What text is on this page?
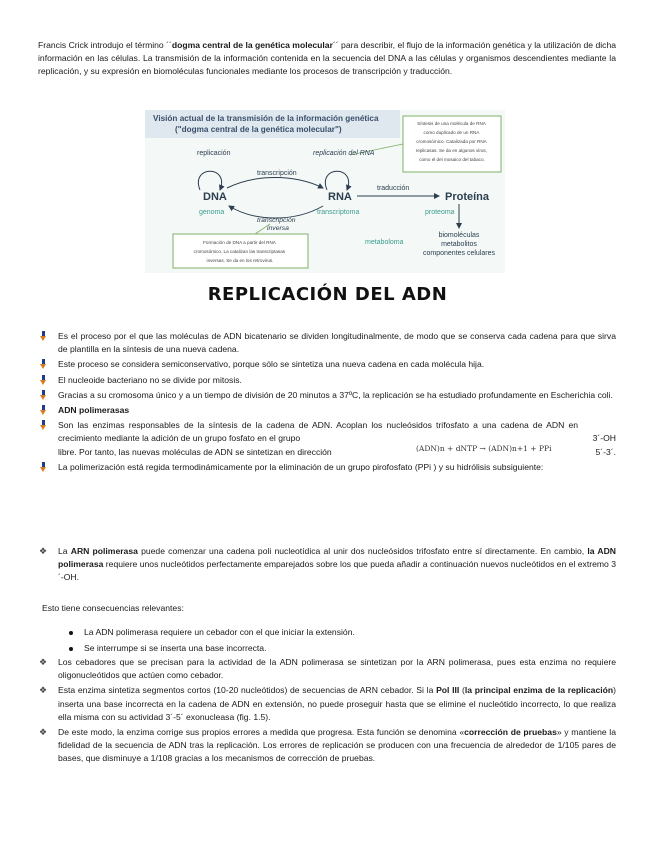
Francis Crick introdujo el término ´´dogma central de la genética molecular´´ para describir, el flujo de la información genética y la utilización de dicha información en las células. La transmisión de la información contenida en la secuencia del DNA a las células y organismos descendientes mediante la replicación, y su expresión en biomoléculas funcionales mediante los procesos de transcripción y traducción.
Visión actual de la transmisión de la información genética
("dogma central de la genética molecular")
Síntesis de una molécula de RNA como duplicado de un RNA cromosómico. Catalizada por RNA replicasas. Se da en algunos virus, como el del mosaico del tabaco.
replicación	replicación del RNA
transcripción
DNA	RNA	Proteína
traducción
genoma	transcriptoma	proteoma
transcripción
inversa
Formación de DNA a partir del RNA cromosómico. La catalizan las transcriptasas inversas. Se da en los retrovirus.
metaboloma
biomoléculas
metabolitos
componentes celulares
REPLICACIÓN DEL ADN
Es el proceso por el que las moléculas de ADN bicatenario se dividen longitudinalmente, de modo que se conserva cada cadena para que sirva de plantilla en la síntesis de una nueva cadena.
Este proceso se considera semiconservativo, porque sólo se sintetiza una nueva cadena en cada molécula hija.
El nucleoide bacteriano no se divide por mitosis.
Gracias a su cromosoma único y a un tiempo de división de 20 minutos a 37ºC, la replicación se ha estudiado profundamente en Escherichia coli.
ADN polimerasas
Son las enzimas responsables de la síntesis de la cadena de ADN. Acoplan los nucleósidos trifosfato a una cadena de ADN en crecimiento mediante la adición de un grupo fosfato en el grupo	3´-OH
libre. Por tanto, las nuevas moléculas de ADN se sintetizan en dirección	(ADN)n + dNTP → (ADN)n+1 + PPi	5´-3´.
La polimerización está regida termodinámicamente por la eliminación de un grupo pirofosfato (PPi ) y su hidrólisis subsiguiente:
❖ La ARN polimerasa puede comenzar una cadena poli nucleotídica al unir dos nucleósidos trifosfato entre sí directamente. En cambio, la ADN polimerasa requiere unos nucleótidos perfectamente emparejados sobre los que pueda añadir a continuación nuevos nucleótidos en el extremo 3´-OH.
Esto tiene consecuencias relevantes:
La ADN polimerasa requiere un cebador con el que iniciar la extensión.
Se interrumpe si se inserta una base incorrecta.
❖ Los cebadores que se precisan para la actividad de la ADN polimerasa se sintetizan por la ARN polimerasa, pues esta enzima no requiere oligonucleótidos que actúen como cebador.
❖ Esta enzima sintetiza segmentos cortos (10-20 nucleótidos) de secuencias de ARN cebador. Si la Pol III (la principal enzima de la replicación) inserta una base incorrecta en la cadena de ADN en extensión, no puede proseguir hasta que se elimine el nucleótido incorrecto, lo que realiza ella misma con su actividad 3´-5´ exonucleasa (fig. 1.5).
❖ De este modo, la enzima corrige sus propios errores a medida que progresa. Esta función se denomina «corrección de pruebas» y mantiene la fidelidad de la secuencia de ADN tras la replicación. Los errores de replicación se producen con una frecuencia de alrededor de 1/105 pares de bases, que disminuye a 1/108 gracias a los mecanismos de corrección de pruebas.
